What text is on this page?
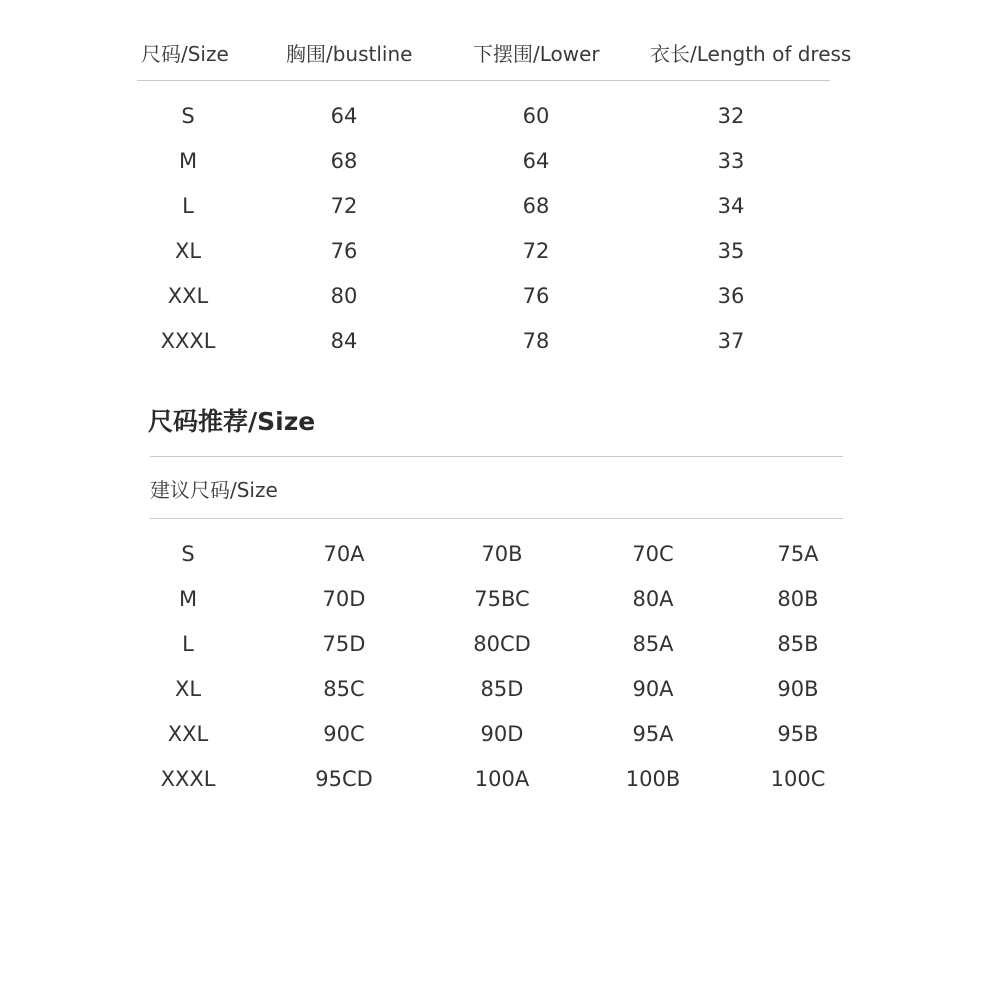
尺码/Size	胸围/bustline	下摆围/Lower	衣长/Length of dress
S	64	60	32
M	68	64	33
L	72	68	34
XL	76	72	35
XXL	80	76	36
XXXL	84	78	37
尺码推荐/Size
建议尺码/Size
S	70A	70B	70C	75A
M	70D	75BC	80A	80B
L	75D	80CD	85A	85B
XL	85C	85D	90A	90B
XXL	90C	90D	95A	95B
XXXL	95CD	100A	100B	100C
